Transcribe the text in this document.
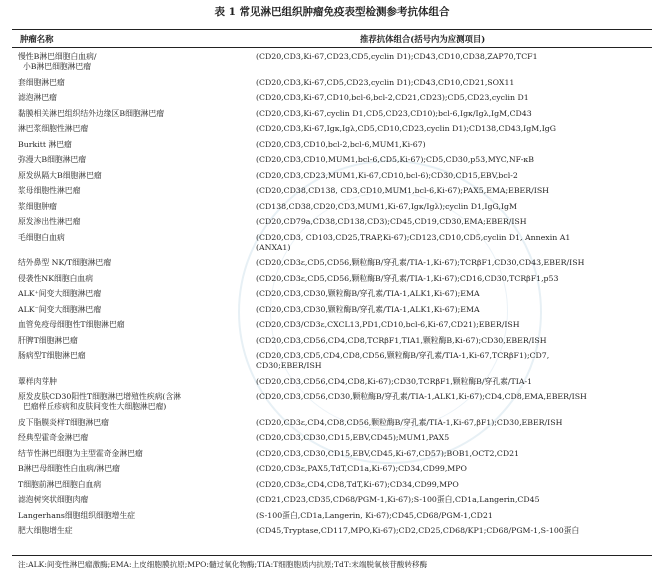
表 1 常见淋巴组织肿瘤免疫表型检测参考抗体组合
肿瘤名称	推荐抗体组合(括号内为应测项目)
慢性B淋巴细胞白血病/
小B淋巴细胞淋巴瘤
(CD20,CD3,Ki-67,CD23,CD5,cyclin D1);CD43,CD10,CD38,ZAP70,TCF1
套细胞淋巴瘤	(CD20,CD3,Ki-67,CD5,CD23,cyclin D1);CD43,CD10,CD21,SOX11
滤泡淋巴瘤	(CD20,CD3,Ki-67,CD10,bcl-6,bcl-2,CD21,CD23);CD5,CD23,cyclin D1
黏膜相关淋巴组织结外边缘区B细胞淋巴瘤	(CD20,CD3,Ki-67,cyclin D1,CD5,CD23,CD10);bcl-6,Igκ/Igλ,IgM,CD43
淋巴浆细胞性淋巴瘤	(CD20,CD3,Ki-67,Igκ,Igλ,CD5,CD10,CD23,cyclin D1);CD138,CD43,IgM,IgG
Burkitt 淋巴瘤	(CD20,CD3,CD10,bcl-2,bcl-6,MUM1,Ki-67)
弥漫大B细胞淋巴瘤	(CD20,CD3,CD10,MUM1,bcl-6,CD5,Ki-67);CD5,CD30,p53,MYC,NF-κB
原发纵隔大B细胞淋巴瘤	(CD20,CD3,CD23,MUM1,Ki-67,CD10,bcl-6);CD30,CD15,EBV,bcl-2
浆母细胞性淋巴瘤	(CD20,CD38,CD138, CD3,CD10,MUM1,bcl-6,Ki-67);PAX5,EMA;EBER/ISH
浆细胞肿瘤	(CD138,CD38,CD20,CD3,MUM1,Ki-67,Igκ/Igλ);cyclin D1,IgG,IgM
原发渗出性淋巴瘤	(CD20,CD79a,CD38,CD138,CD3);CD45,CD19,CD30,EMA;EBER/ISH
毛细胞白血病	(CD20,CD3, CD103,CD25,TRAP,Ki-67);CD123,CD10,CD5,cyclin D1, Annexin A1
(ANXA1)
结外鼻型 NK/T细胞淋巴瘤	(CD20,CD3ε,CD5,CD56,颗粒酶B/穿孔素/TIA-1,Ki-67);TCRβF1,CD30,CD43,EBER/ISH
侵袭性NK细胞白血病	(CD20,CD3ε,CD5,CD56,颗粒酶B/穿孔素/TIA-1,Ki-67);CD16,CD30,TCRβF1,p53
ALK⁺间变大细胞淋巴瘤	(CD20,CD3,CD30,颗粒酶B/穿孔素/TIA-1,ALK1,Ki-67);EMA
ALK⁻间变大细胞淋巴瘤	(CD20,CD3,CD30,颗粒酶B/穿孔素/TIA-1,ALK1,Ki-67);EMA
血管免疫母细胞性T细胞淋巴瘤	(CD20,CD3/CD3ε,CXCL13,PD1,CD10,bcl-6,Ki-67,CD21);EBER/ISH
肝脾T细胞淋巴瘤	(CD20,CD3,CD56,CD4,CD8,TCRβF1,TIA1,颗粒酶B,Ki-67);CD30,EBER/ISH
肠病型T细胞淋巴瘤	(CD20,CD3,CD5,CD4,CD8,CD56,颗粒酶B/穿孔素/TIA-1,Ki-67,TCRβF1);CD7,
CD30;EBER/ISH
蕈样肉芽肿	(CD20,CD3,CD56,CD4,CD8,Ki-67);CD30,TCRβF1,颗粒酶B/穿孔素/TIA-1
原发皮肤CD30阳性T细胞淋巴增殖性疾病(含淋
巴瘤样丘疹病和皮肤间变性大细胞淋巴瘤)
(CD20,CD3,CD56,CD30,颗粒酶B/穿孔素/TIA-1,ALK1,Ki-67);CD4,CD8,EMA,EBER/ISH
皮下脂膜炎样T细胞淋巴瘤	(CD20,CD3ε,CD4,CD8,CD56,颗粒酶B/穿孔素/TIA-1,Ki-67,βF1);CD30,EBER/ISH
经典型霍奇金淋巴瘤	(CD20,CD3,CD30,CD15,EBV,CD45);MUM1,PAX5
结节性淋巴细胞为主型霍奇金淋巴瘤	(CD20,CD3,CD30,CD15,EBV,CD45,Ki-67,CD57);BOB1,OCT2,CD21
B淋巴母细胞性白血病/淋巴瘤	(CD20,CD3ε,PAX5,TdT,CD1a,Ki-67);CD34,CD99,MPO
T细胞前淋巴细胞白血病	(CD20,CD3ε,CD4,CD8,TdT,Ki-67);CD34,CD99,MPO
滤泡树突状细胞肉瘤	(CD21,CD23,CD35,CD68/PGM-1,Ki-67);S-100蛋白,CD1a,Langerin,CD45
Langerhans细胞组织细胞增生症	(S-100蛋白,CD1a,Langerin, Ki-67);CD45,CD68/PGM-1,CD21
肥大细胞增生症	(CD45,Tryptase,CD117,MPO,Ki-67);CD2,CD25,CD68/KP1;CD68/PGM-1,S-100蛋白
注:ALK:间变性淋巴瘤激酶;EMA:上皮细胞膜抗原;MPO:髓过氧化物酶;TIA:T细胞胞质内抗原;TdT:末端脱氧核苷酸转移酶
